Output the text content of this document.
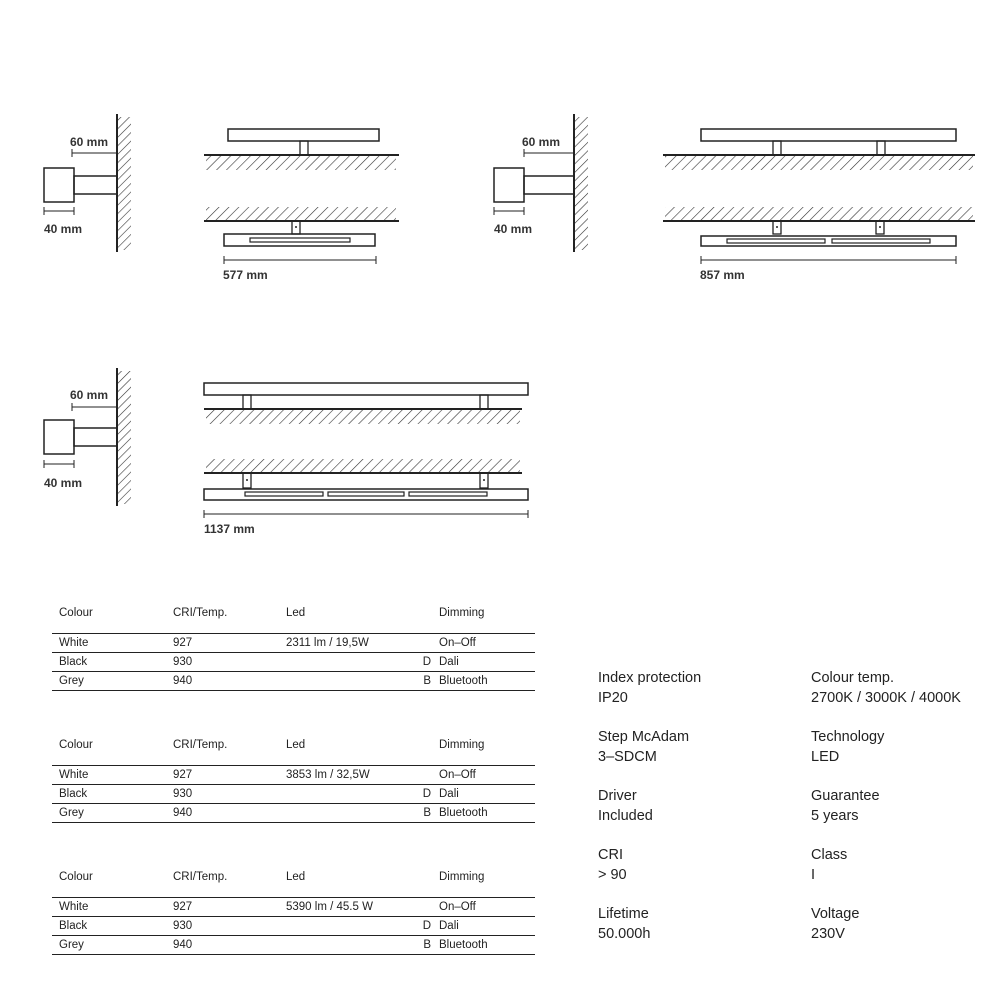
60 mm
40 mm
577 mm
60 mm
40 mm
857 mm
60 mm
40 mm
1137 mm
Colour	CRI/Temp.	Led		Dimming
White	927	2311 lm / 19,5W		On–Off
Black	930		D	Dali
Grey	940		B	Bluetooth
Colour	CRI/Temp.	Led		Dimming
White	927	3853 lm / 32,5W		On–Off
Black	930		D	Dali
Grey	940		B	Bluetooth
Colour	CRI/Temp.	Led		Dimming
White	927	5390 lm / 45.5 W		On–Off
Black	930		D	Dali
Grey	940		B	Bluetooth
Index protection
IP20
Colour temp.
2700K / 3000K / 4000K
Step McAdam
3–SDCM
Technology
LED
Driver
Included
Guarantee
5 years
CRI
> 90
Class
I
Lifetime
50.000h
Voltage
230V
